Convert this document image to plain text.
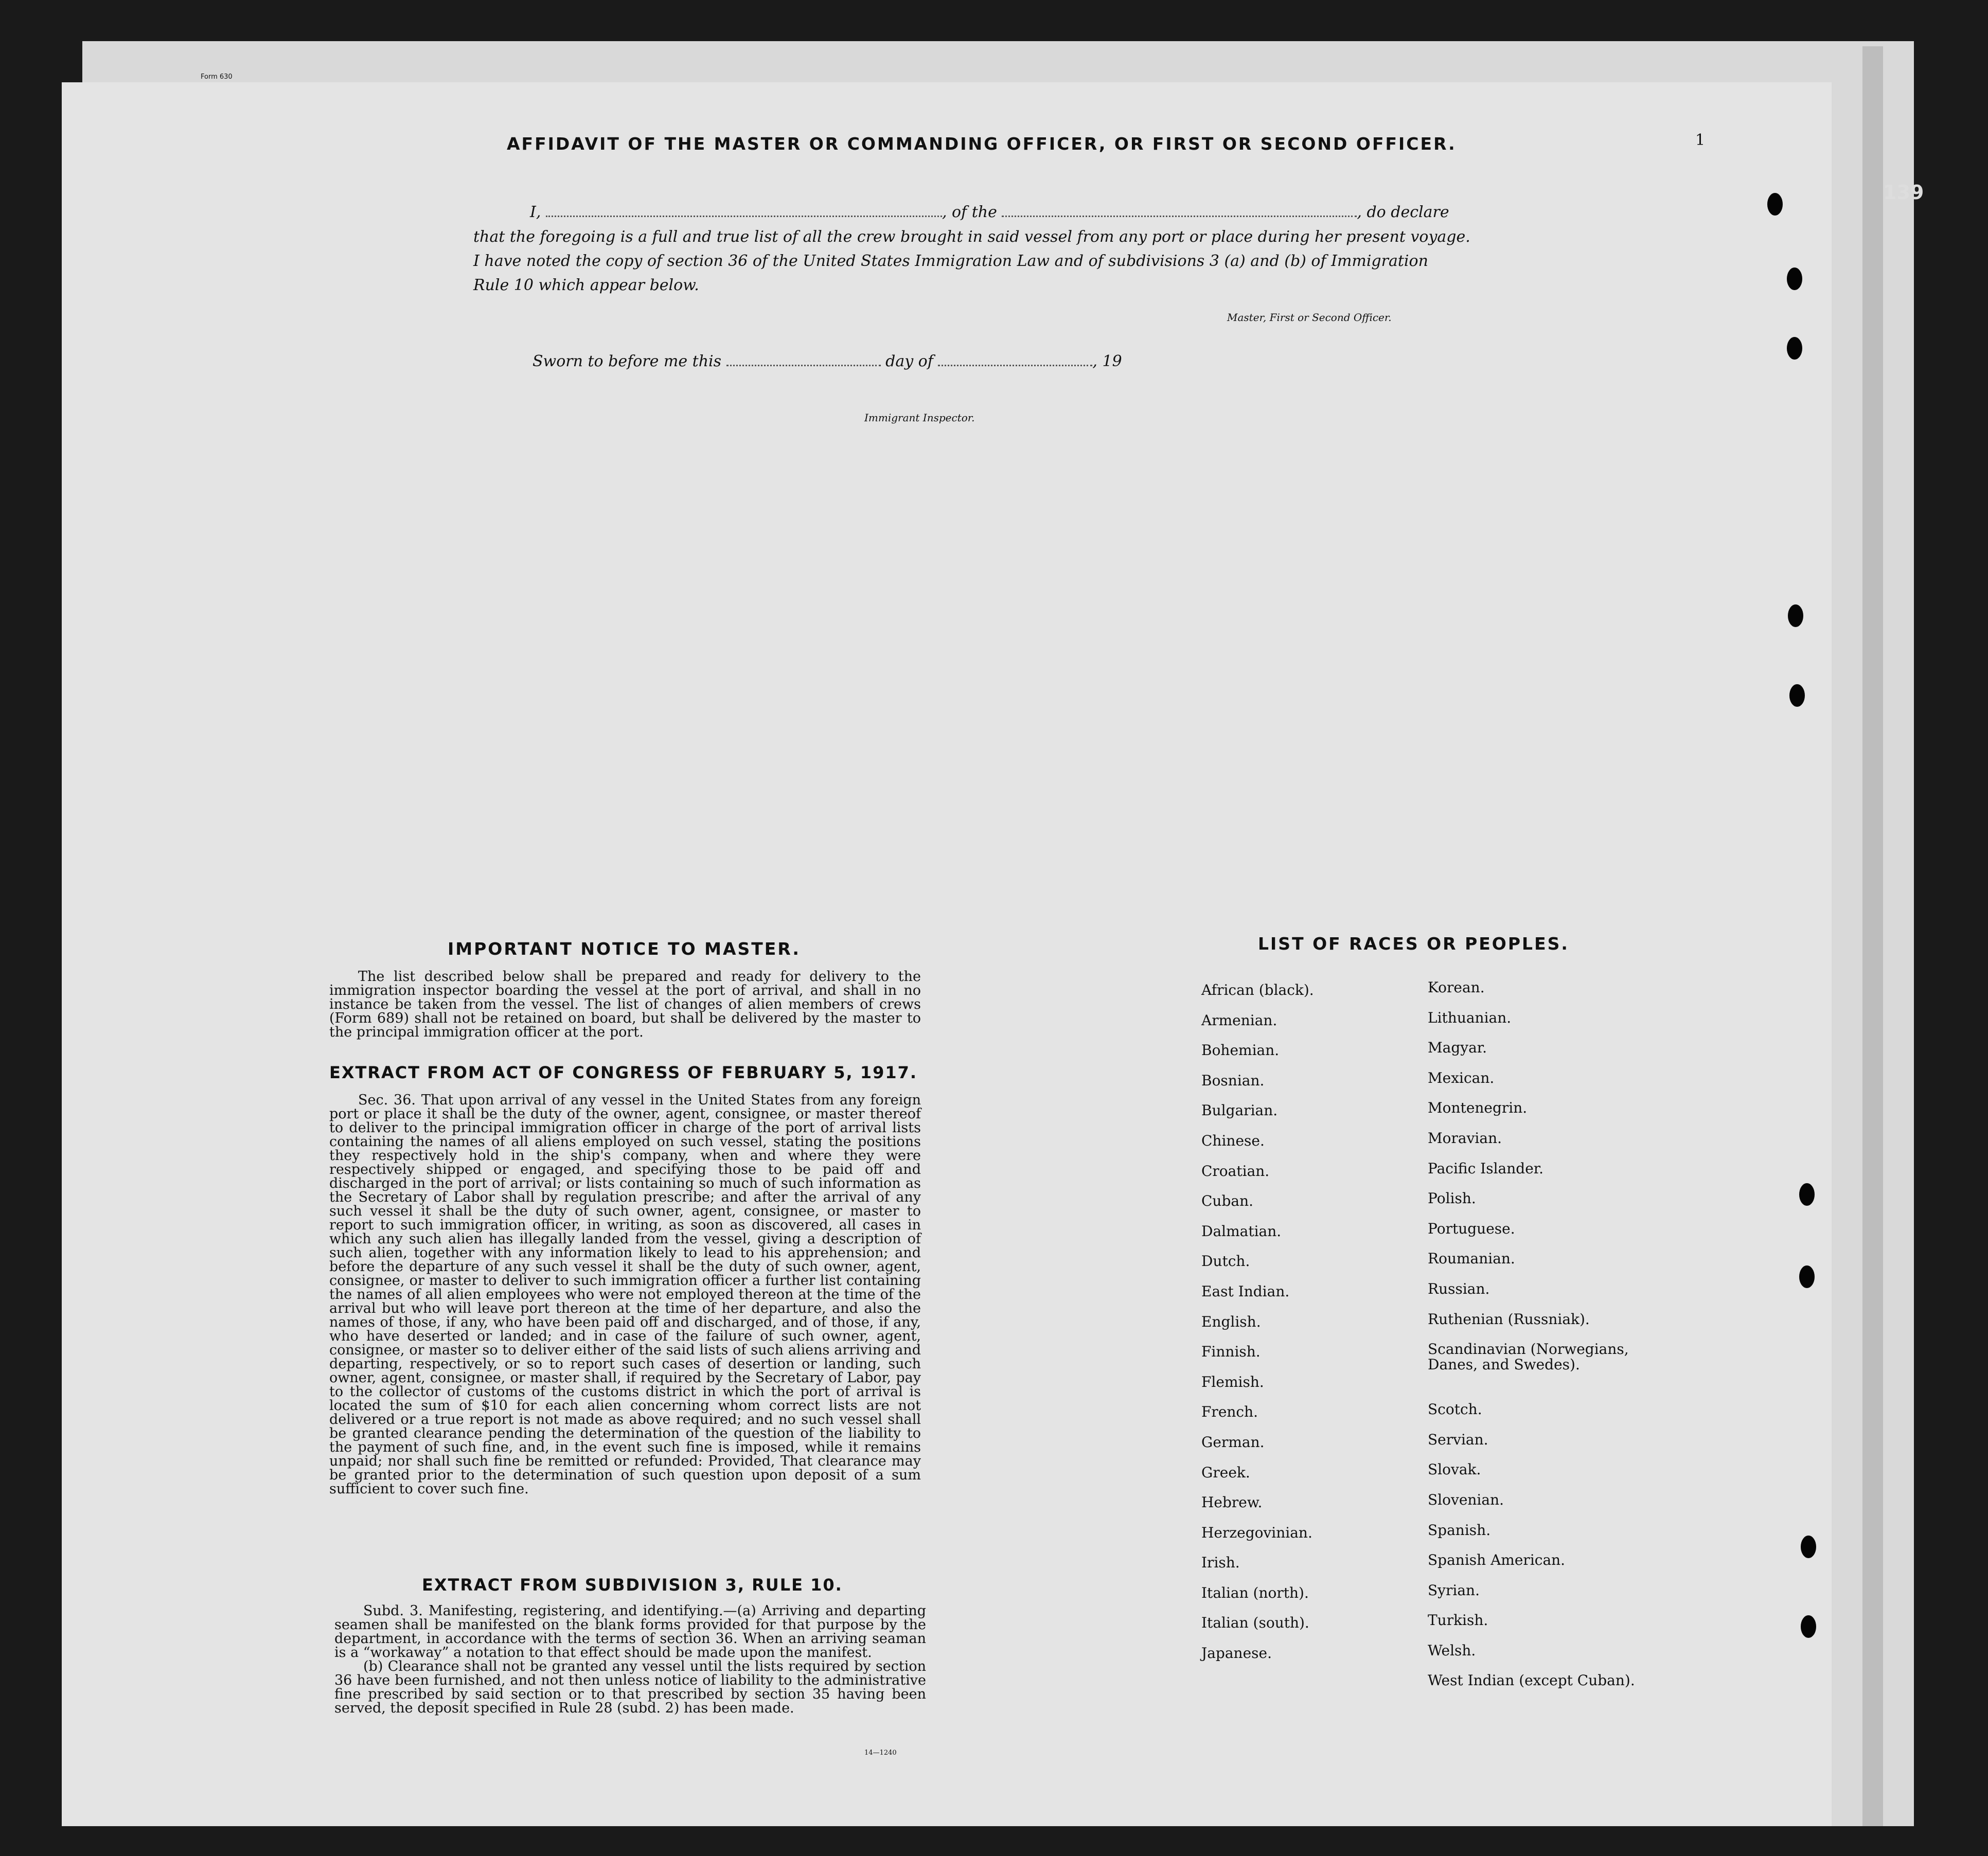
Form 630
139
1
AFFIDAVIT OF THE MASTER OR COMMANDING OFFICER, OR FIRST OR SECOND OFFICER.
I,	, of the	, do declare
that the foregoing is a full and true list of all the crew brought in said vessel from any port or place during her present voyage.
I have noted the copy of section 36 of the United States Immigration Law and of subdivisions 3 (a) and (b) of Immigration
Rule 10 which appear below.
Master, First or Second Officer.
Sworn to before me this	day of	, 19
Immigrant Inspector.
IMPORTANT NOTICE TO MASTER.

The list described below shall be prepared and ready for delivery to the immigration inspector boarding the vessel at the port of arrival, and shall in no instance be taken from the vessel. The list of changes of alien members of crews (Form 689) shall not be retained on board, but shall be delivered by the master to the principal immigration officer at the port.

EXTRACT FROM ACT OF CONGRESS OF FEBRUARY 5, 1917.

Sec. 36. That upon arrival of any vessel in the United States from any foreign port or place it shall be the duty of the owner, agent, consignee, or master thereof to deliver to the principal immigration officer in charge of the port of arrival lists containing the names of all aliens employed on such vessel, stating the positions they respectively hold in the ship's company, when and where they were respectively shipped or engaged, and specifying those to be paid off and discharged in the port of arrival; or lists containing so much of such information as the Secretary of Labor shall by regulation prescribe; and after the arrival of any such vessel it shall be the duty of such owner, agent, consignee, or master to report to such immigration officer, in writing, as soon as discovered, all cases in which any such alien has illegally landed from the vessel, giving a description of such alien, together with any information likely to lead to his apprehension; and before the departure of any such vessel it shall be the duty of such owner, agent, consignee, or master to deliver to such immigration officer a further list containing the names of all alien employees who were not employed thereon at the time of the arrival but who will leave port thereon at the time of her departure, and also the names of those, if any, who have been paid off and discharged, and of those, if any, who have deserted or landed; and in case of the failure of such owner, agent, consignee, or master so to deliver either of the said lists of such aliens arriving and departing, respectively, or so to report such cases of desertion or landing, such owner, agent, consignee, or master shall, if required by the Secretary of Labor, pay to the collector of customs of the customs district in which the port of arrival is located the sum of $10 for each alien concerning whom correct lists are not delivered or a true report is not made as above required; and no such vessel shall be granted clearance pending the determination of the question of the liability to the payment of such fine, and, in the event such fine is imposed, while it remains unpaid; nor shall such fine be remitted or refunded: Provided, That clearance may be granted prior to the determination of such question upon deposit of a sum sufficient to cover such fine.

EXTRACT FROM SUBDIVISION 3, RULE 10.

Subd. 3. Manifesting, registering, and identifying.—(a) Arriving and departing seamen shall be manifested on the blank forms provided for that purpose by the department, in accordance with the terms of section 36. When an arriving seaman is a “workaway” a notation to that effect should be made upon the manifest.

(b) Clearance shall not be granted any vessel until the lists required by section 36 have been furnished, and not then unless notice of liability to the administrative fine prescribed by said section or to that prescribed by section 35 having been served, the deposit specified in Rule 28 (subd. 2) has been made.

14—1240
LIST OF RACES OR PEOPLES.
African (black).
Armenian.
Bohemian.
Bosnian.
Bulgarian.
Chinese.
Croatian.
Cuban.
Dalmatian.
Dutch.
East Indian.
English.
Finnish.
Flemish.
French.
German.
Greek.
Hebrew.
Herzegovinian.
Irish.
Italian (north).
Italian (south).
Japanese.
Korean.
Lithuanian.
Magyar.
Mexican.
Montenegrin.
Moravian.
Pacific Islander.
Polish.
Portuguese.
Roumanian.
Russian.
Ruthenian (Russniak).
Scandinavian (Norwegians, Danes, and Swedes).
Scotch.
Servian.
Slovak.
Slovenian.
Spanish.
Spanish American.
Syrian.
Turkish.
Welsh.
West Indian (except Cuban).
